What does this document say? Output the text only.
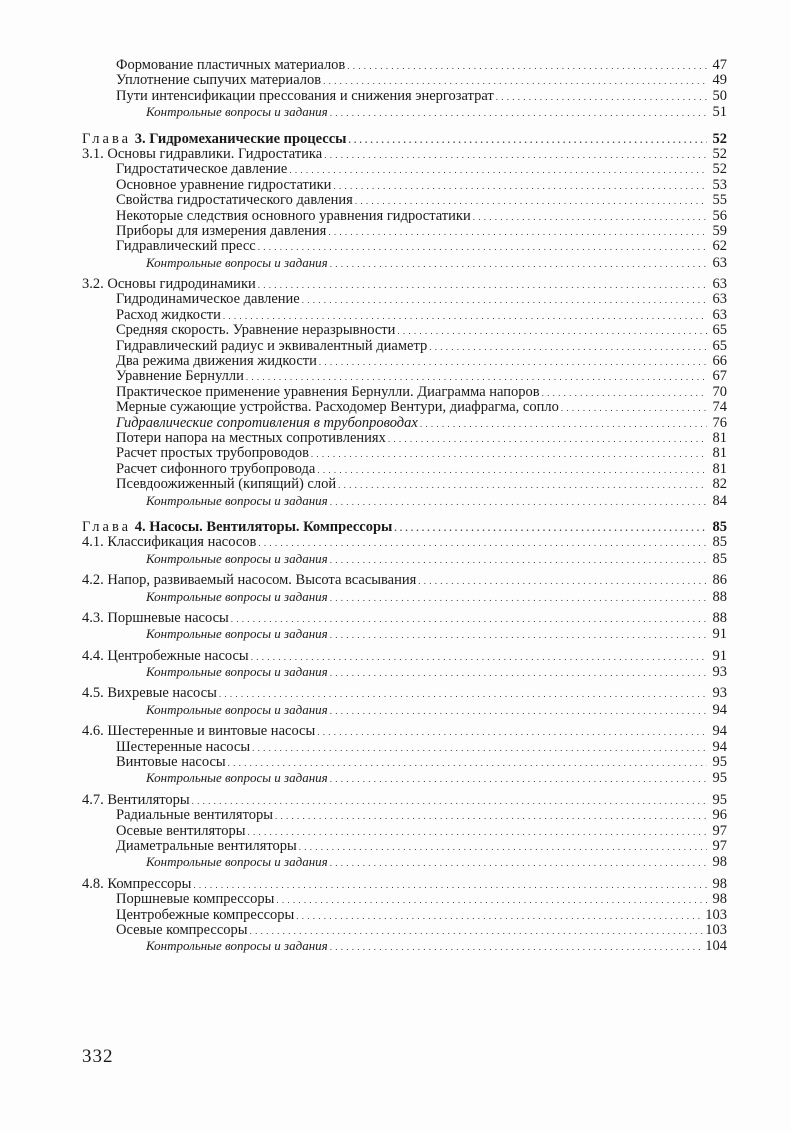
Формование пластичных материалов . . .	47
Уплотнение сыпучих материалов . . .	49
Пути интенсификации прессования и снижения энергозатрат . . .	50
Контрольные вопросы и задания . . .	51
Глава 3. Гидромеханические процессы . . .	52
3.1. Основы гидравлики. Гидростатика . . .	52
Гидростатическое давление . . .	52
Основное уравнение гидростатики . . .	53
Свойства гидростатического давления . . .	55
Некоторые следствия основного уравнения гидростатики . . .	56
Приборы для измерения давления . . .	59
Гидравлический пресс . . .	62
Контрольные вопросы и задания . . .	63
3.2. Основы гидродинамики . . .	63
Гидродинамическое давление . . .	63
Расход жидкости . . .	63
Средняя скорость. Уравнение неразрывности . . .	65
Гидравлический радиус и эквивалентный диаметр . . .	65
Два режима движения жидкости . . .	66
Уравнение Бернулли . . .	67
Практическое применение уравнения Бернулли. Диаграмма напоров . . .	70
Мерные сужающие устройства. Расходомер Вентури, диафрагма, сопло . . .	74
Гидравлические сопротивления в трубопроводах . . .	76
Потери напора на местных сопротивлениях . . .	81
Расчет простых трубопроводов . . .	81
Расчет сифонного трубопровода . . .	81
Псевдоожиженный (кипящий) слой . . .	82
Контрольные вопросы и задания . . .	84
Глава 4. Насосы. Вентиляторы. Компрессоры . . .	85
4.1. Классификация насосов . . .	85
Контрольные вопросы и задания . . .	85
4.2. Напор, развиваемый насосом. Высота всасывания . . .	86
Контрольные вопросы и задания . . .	88
4.3. Поршневые насосы . . .	88
Контрольные вопросы и задания . . .	91
4.4. Центробежные насосы . . .	91
Контрольные вопросы и задания . . .	93
4.5. Вихревые насосы . . .	93
Контрольные вопросы и задания . . .	94
4.6. Шестеренные и винтовые насосы . . .	94
Шестеренные насосы . . .	94
Винтовые насосы . . .	95
Контрольные вопросы и задания . . .	95
4.7. Вентиляторы . . .	95
Радиальные вентиляторы . . .	96
Осевые вентиляторы . . .	97
Диаметральные вентиляторы . . .	97
Контрольные вопросы и задания . . .	98
4.8. Компрессоры . . .	98
Поршневые компрессоры . . .	98
Центробежные компрессоры . . .	103
Осевые компрессоры . . .	103
Контрольные вопросы и задания . . .	104
332
